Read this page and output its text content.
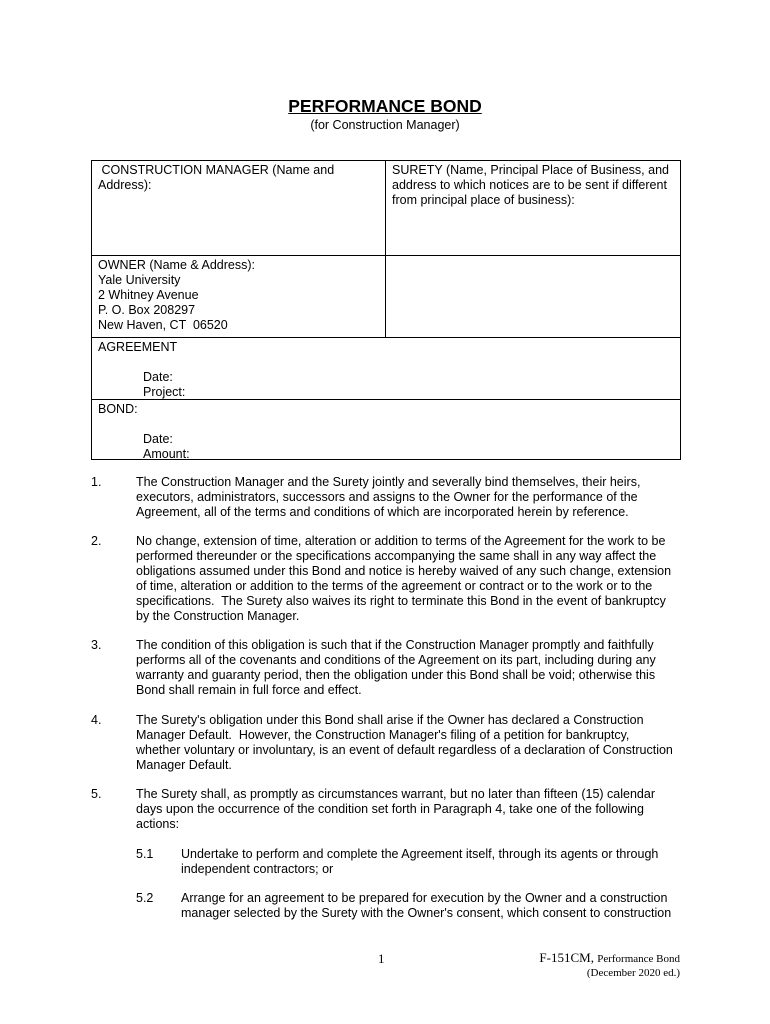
PERFORMANCE BOND
(for Construction Manager)
CONSTRUCTION MANAGER (Name and
Address):
SURETY (Name, Principal Place of Business, and
address to which notices are to be sent if different
from principal place of business):
OWNER (Name & Address):
Yale University
2 Whitney Avenue
P. O. Box 208297
New Haven, CT  06520
AGREEMENT
Date:
Project:
BOND:
Date:
Amount:
1.	The Construction Manager and the Surety jointly and severally bind themselves, their heirs,
executors, administrators, successors and assigns to the Owner for the performance of the
Agreement, all of the terms and conditions of which are incorporated herein by reference.
2.	No change, extension of time, alteration or addition to terms of the Agreement for the work to be
performed thereunder or the specifications accompanying the same shall in any way affect the
obligations assumed under this Bond and notice is hereby waived of any such change, extension
of time, alteration or addition to the terms of the agreement or contract or to the work or to the
specifications.  The Surety also waives its right to terminate this Bond in the event of bankruptcy
by the Construction Manager.
3.	The condition of this obligation is such that if the Construction Manager promptly and faithfully
performs all of the covenants and conditions of the Agreement on its part, including during any
warranty and guaranty period, then the obligation under this Bond shall be void; otherwise this
Bond shall remain in full force and effect.
4.	The Surety's obligation under this Bond shall arise if the Owner has declared a Construction
Manager Default.  However, the Construction Manager's filing of a petition for bankruptcy,
whether voluntary or involuntary, is an event of default regardless of a declaration of Construction
Manager Default.
5.	The Surety shall, as promptly as circumstances warrant, but no later than fifteen (15) calendar
days upon the occurrence of the condition set forth in Paragraph 4, take one of the following
actions:
5.1 Undertake to perform and complete the Agreement itself, through its agents or through
independent contractors; or
5.2 Arrange for an agreement to be prepared for execution by the Owner and a construction
manager selected by the Surety with the Owner's consent, which consent to construction
1	F-151CM, Performance Bond
(December 2020 ed.)
